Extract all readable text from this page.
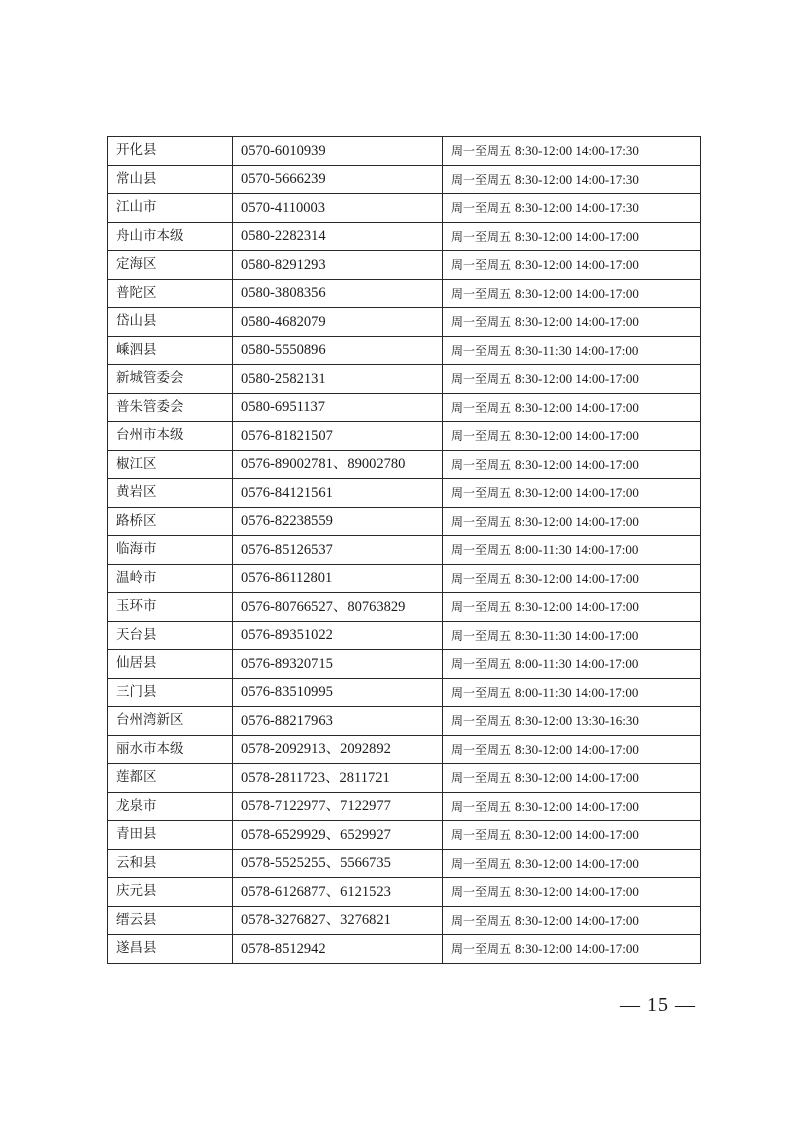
开化县	0570-6010939	周一至周五 8:30-12:00 14:00-17:30
常山县	0570-5666239	周一至周五 8:30-12:00 14:00-17:30
江山市	0570-4110003	周一至周五 8:30-12:00 14:00-17:30
舟山市本级	0580-2282314	周一至周五 8:30-12:00 14:00-17:00
定海区	0580-8291293	周一至周五 8:30-12:00 14:00-17:00
普陀区	0580-3808356	周一至周五 8:30-12:00 14:00-17:00
岱山县	0580-4682079	周一至周五 8:30-12:00 14:00-17:00
嵊泗县	0580-5550896	周一至周五 8:30-11:30 14:00-17:00
新城管委会	0580-2582131	周一至周五 8:30-12:00 14:00-17:00
普朱管委会	0580-6951137	周一至周五 8:30-12:00 14:00-17:00
台州市本级	0576-81821507	周一至周五 8:30-12:00 14:00-17:00
椒江区	0576-89002781、89002780	周一至周五 8:30-12:00 14:00-17:00
黄岩区	0576-84121561	周一至周五 8:30-12:00 14:00-17:00
路桥区	0576-82238559	周一至周五 8:30-12:00 14:00-17:00
临海市	0576-85126537	周一至周五 8:00-11:30 14:00-17:00
温岭市	0576-86112801	周一至周五 8:30-12:00 14:00-17:00
玉环市	0576-80766527、80763829	周一至周五 8:30-12:00 14:00-17:00
天台县	0576-89351022	周一至周五 8:30-11:30 14:00-17:00
仙居县	0576-89320715	周一至周五 8:00-11:30 14:00-17:00
三门县	0576-83510995	周一至周五 8:00-11:30 14:00-17:00
台州湾新区	0576-88217963	周一至周五 8:30-12:00 13:30-16:30
丽水市本级	0578-2092913、2092892	周一至周五 8:30-12:00 14:00-17:00
莲都区	0578-2811723、2811721	周一至周五 8:30-12:00 14:00-17:00
龙泉市	0578-7122977、7122977	周一至周五 8:30-12:00 14:00-17:00
青田县	0578-6529929、6529927	周一至周五 8:30-12:00 14:00-17:00
云和县	0578-5525255、5566735	周一至周五 8:30-12:00 14:00-17:00
庆元县	0578-6126877、6121523	周一至周五 8:30-12:00 14:00-17:00
缙云县	0578-3276827、3276821	周一至周五 8:30-12:00 14:00-17:00
遂昌县	0578-8512942	周一至周五 8:30-12:00 14:00-17:00
— 15 —
